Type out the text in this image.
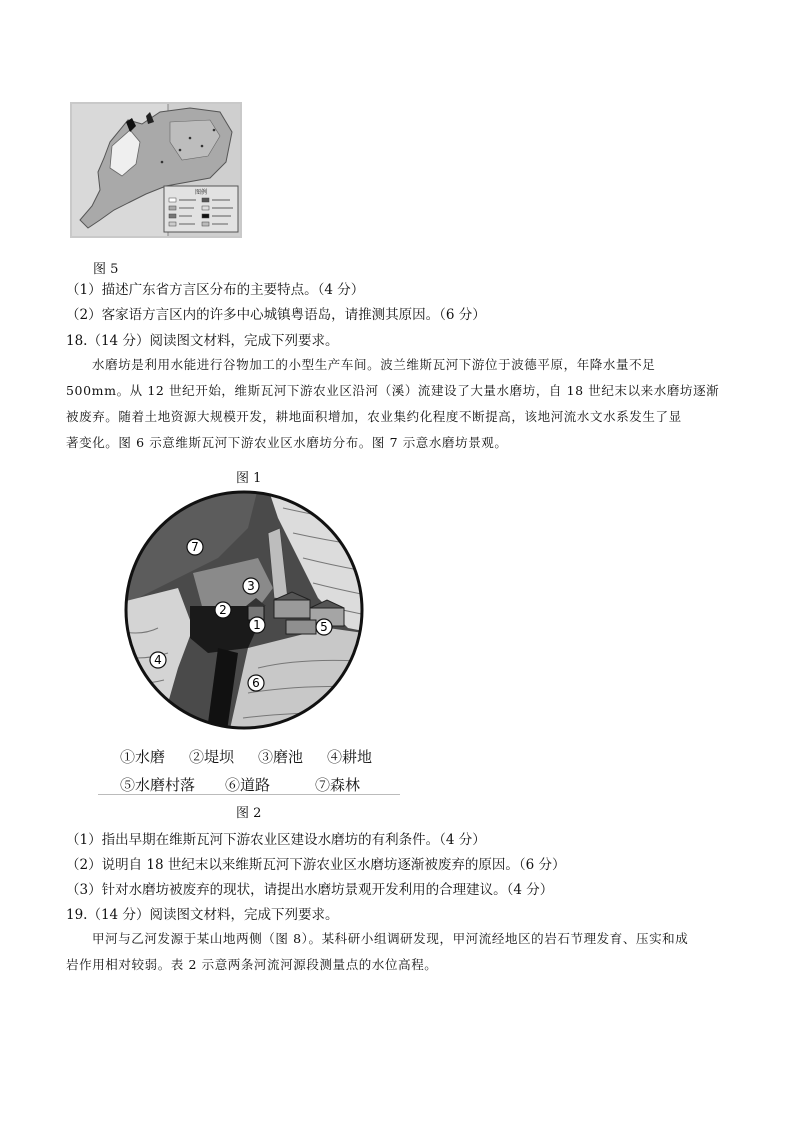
图例
图 5
（1）描述广东省方言区分布的主要特点。（4 分）
（2）客家语方言区内的许多中心城镇粤语岛，请推测其原因。（6 分）
18.（14 分）阅读图文材料，完成下列要求。

水磨坊是利用水能进行谷物加工的小型生产车间。波兰维斯瓦河下游位于波德平原，年降水量不足

500mm。从 12 世纪开始，维斯瓦河下游农业区沿河（溪）流建设了大量水磨坊，自 18 世纪末以来水磨坊逐渐

被废弃。随着土地资源大规模开发，耕地面积增加，农业集约化程度不断提高，该地河流水文水系发生了显

著变化。图 6 示意维斯瓦河下游农业区水磨坊分布。图 7 示意水磨坊景观。

图 1
7
3
2
1	5
4
6
①水磨	②堤坝	③磨池	④耕地
⑤水磨村落	⑥道路	⑦森林
图 2
（1）指出早期在维斯瓦河下游农业区建设水磨坊的有利条件。（4 分）
（2）说明自 18 世纪末以来维斯瓦河下游农业区水磨坊逐渐被废弃的原因。（6 分）
（3）针对水磨坊被废弃的现状，请提出水磨坊景观开发利用的合理建议。（4 分）
19.（14 分）阅读图文材料，完成下列要求。

甲河与乙河发源于某山地两侧（图 8）。某科研小组调研发现，甲河流经地区的岩石节理发育、压实和成

岩作用相对较弱。表 2 示意两条河流河源段测量点的水位高程。
